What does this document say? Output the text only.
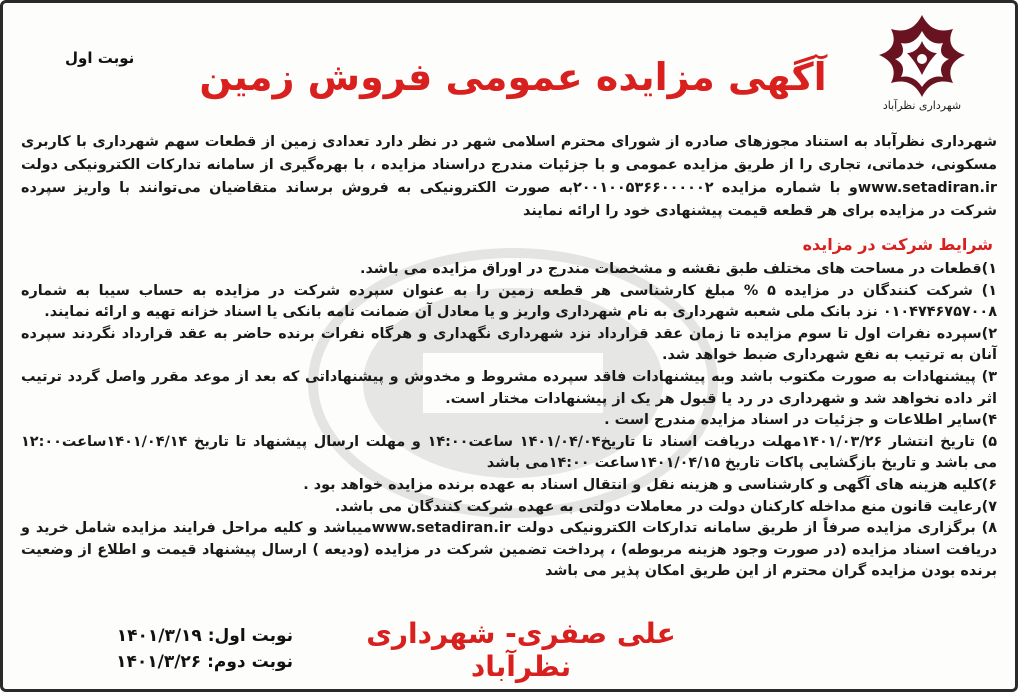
شهرداری نظرآباد
نوبت اول	آگهی مزایده عمومی فروش زمین
شهرداری نظرآباد به استناد مجوزهای صادره از شورای محترم اسلامی شهر در نظر دارد تعدادی زمین از قطعات سهم شهرداری با کاربری مسکونی، خدماتی، تجاری را از طریق مزایده عمومی و با جزئیات مندرج دراسناد مزایده ، با بهره‌گیری از سامانه تدارکات الکترونیکی دولت www.setadiran.irو با شماره مزایده ۲۰۰۱۰۰۵۳۶۶۰۰۰۰۰۲به صورت الکترونیکی به فروش برساند متقاضیان می‌توانند با واریز سپرده شرکت در مزایده برای هر قطعه قیمت پیشنهادی خود را ارائه نمایند
شرایط شرکت در مزایده

۱)قطعات در مساحت های مختلف طبق نقشه و مشخصات مندرج در اوراق مزایده می باشد.

۱) شرکت کنندگان در مزایده ۵ % مبلغ کارشناسی هر قطعه زمین را به عنوان سپرده شرکت در مزایده به حساب سیبا به شماره ۰۱۰۴۷۴۶۷۵۷۰۰۸ نزد بانک ملی شعبه شهرداری به نام شهرداری واریز و یا معادل آن ضمانت نامه بانکی یا اسناد خزانه تهیه و ارائه نمایند.

۲)سپرده نفرات اول تا سوم مزایده تا زمان عقد قرارداد نزد شهرداری نگهداری و هرگاه نفرات برنده حاضر به عقد قرارداد نگردند سپرده آنان به ترتیب به نفع شهرداری ضبط خواهد شد.

۳) پیشنهادات به صورت مکتوب باشد وبه پیشنهادات فاقد سپرده مشروط و مخدوش و پیشنهاداتی که بعد از موعد مقرر واصل گردد ترتیب اثر داده نخواهد شد و شهرداری در رد یا قبول هر یک از پیشنهادات مختار است.

۴)سایر اطلاعات و جزئیات در اسناد مزایده مندرج است .

۵) تاریخ انتشار ۱۴۰۱/۰۳/۲۶مهلت دریافت اسناد تا تاریخ۱۴۰۱/۰۴/۰۴ ساعت۱۴:۰۰ و مهلت ارسال پیشنهاد تا تاریخ ۱۴۰۱/۰۴/۱۴ساعت۱۲:۰۰ می باشد و تاریخ بازگشایی پاکات تاریخ ۱۴۰۱/۰۴/۱۵ساعت ۱۴:۰۰می باشد

۶)کلیه هزینه های آگهی و کارشناسی و هزینه نقل و انتقال اسناد به عهده برنده مزایده خواهد بود .

۷)رعایت قانون منع مداخله کارکنان دولت در معاملات دولتی به عهده شرکت کنندگان می باشد.

۸) برگزاری مزایده صرفاً از طریق سامانه تدارکات الکترونیکی دولت www.setadiran.irمیباشد و کلیه مراحل فرایند مزایده شامل خرید و دریافت اسناد مزایده (در صورت وجود هزینه مربوطه) ، پرداخت تضمین شرکت در مزایده (ودیعه ) ارسال پیشنهاد قیمت و اطلاع از وضعیت برنده بودن مزایده گران محترم از این طریق امکان پذیر می باشد

علی صفری- شهرداری نظرآباد
نوبت اول: ۱۴۰۱/۳/۱۹
نوبت دوم: ۱۴۰۱/۳/۲۶
